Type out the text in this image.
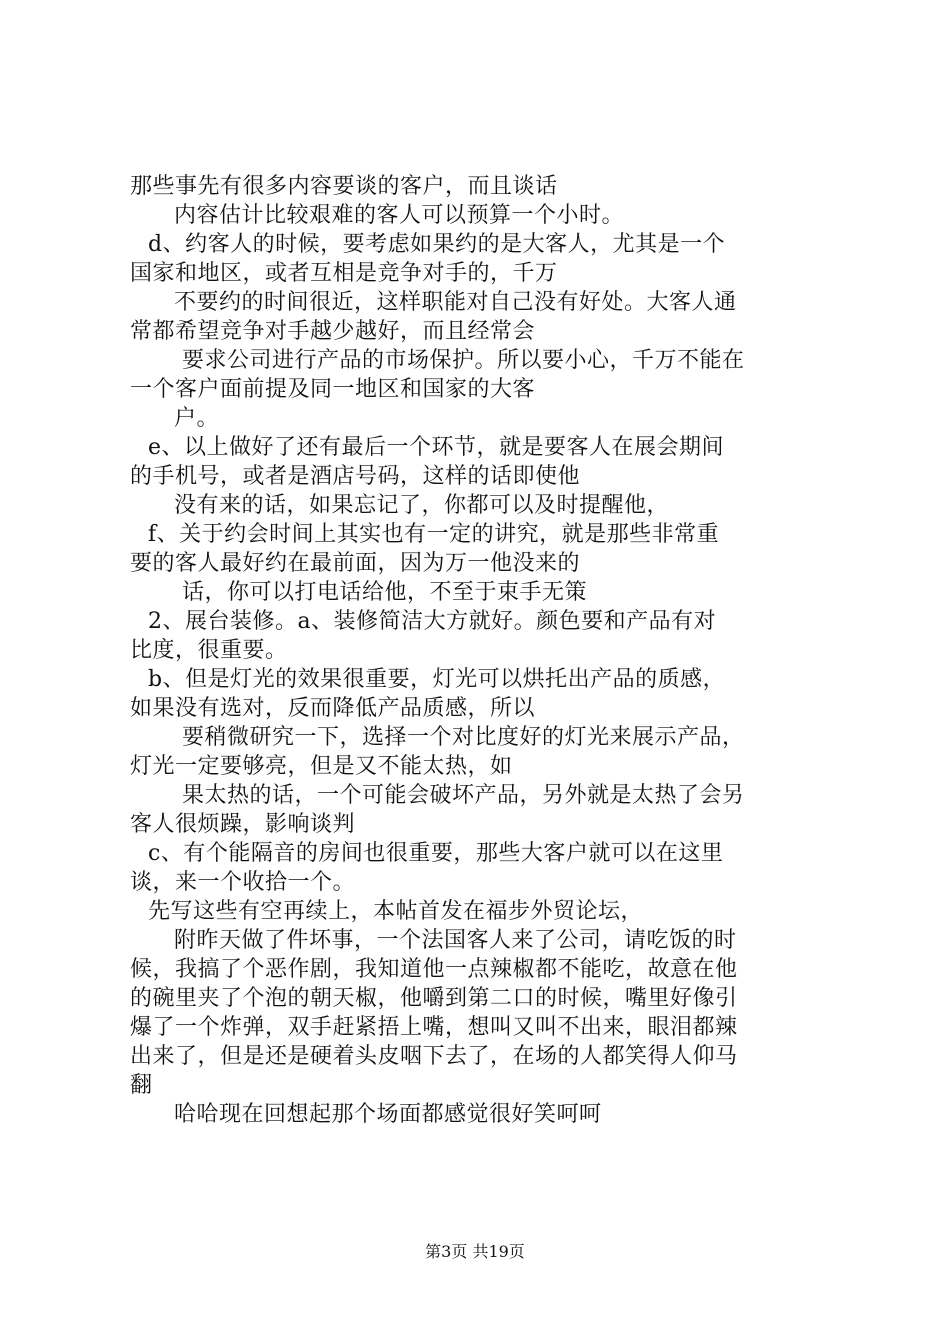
那些事先有很多内容要谈的客户，而且谈话
内容估计比较艰难的客人可以预算一个小时。
d、约客人的时候，要考虑如果约的是大客人，尤其是一个
国家和地区，或者互相是竞争对手的，千万
不要约的时间很近，这样职能对自己没有好处。大客人通
常都希望竞争对手越少越好，而且经常会
要求公司进行产品的市场保护。所以要小心，千万不能在
一个客户面前提及同一地区和国家的大客
户。
e、以上做好了还有最后一个环节，就是要客人在展会期间
的手机号，或者是酒店号码，这样的话即使他
没有来的话，如果忘记了，你都可以及时提醒他，
f、关于约会时间上其实也有一定的讲究，就是那些非常重
要的客人最好约在最前面，因为万一他没来的
话，你可以打电话给他，不至于束手无策
2、展台装修。a、装修简洁大方就好。颜色要和产品有对
比度，很重要。
b、但是灯光的效果很重要，灯光可以烘托出产品的质感，
如果没有选对，反而降低产品质感，所以
要稍微研究一下，选择一个对比度好的灯光来展示产品，
灯光一定要够亮，但是又不能太热，如
果太热的话，一个可能会破坏产品，另外就是太热了会另
客人很烦躁，影响谈判
c、有个能隔音的房间也很重要，那些大客户就可以在这里
谈，来一个收拾一个。
先写这些有空再续上，本帖首发在福步外贸论坛，
附昨天做了件坏事，一个法国客人来了公司，请吃饭的时
候，我搞了个恶作剧，我知道他一点辣椒都不能吃，故意在他
的碗里夹了个泡的朝天椒，他嚼到第二口的时候，嘴里好像引
爆了一个炸弹，双手赶紧捂上嘴，想叫又叫不出来，眼泪都辣
出来了，但是还是硬着头皮咽下去了，在场的人都笑得人仰马
翻
哈哈现在回想起那个场面都感觉很好笑呵呵
第3页 共19页
